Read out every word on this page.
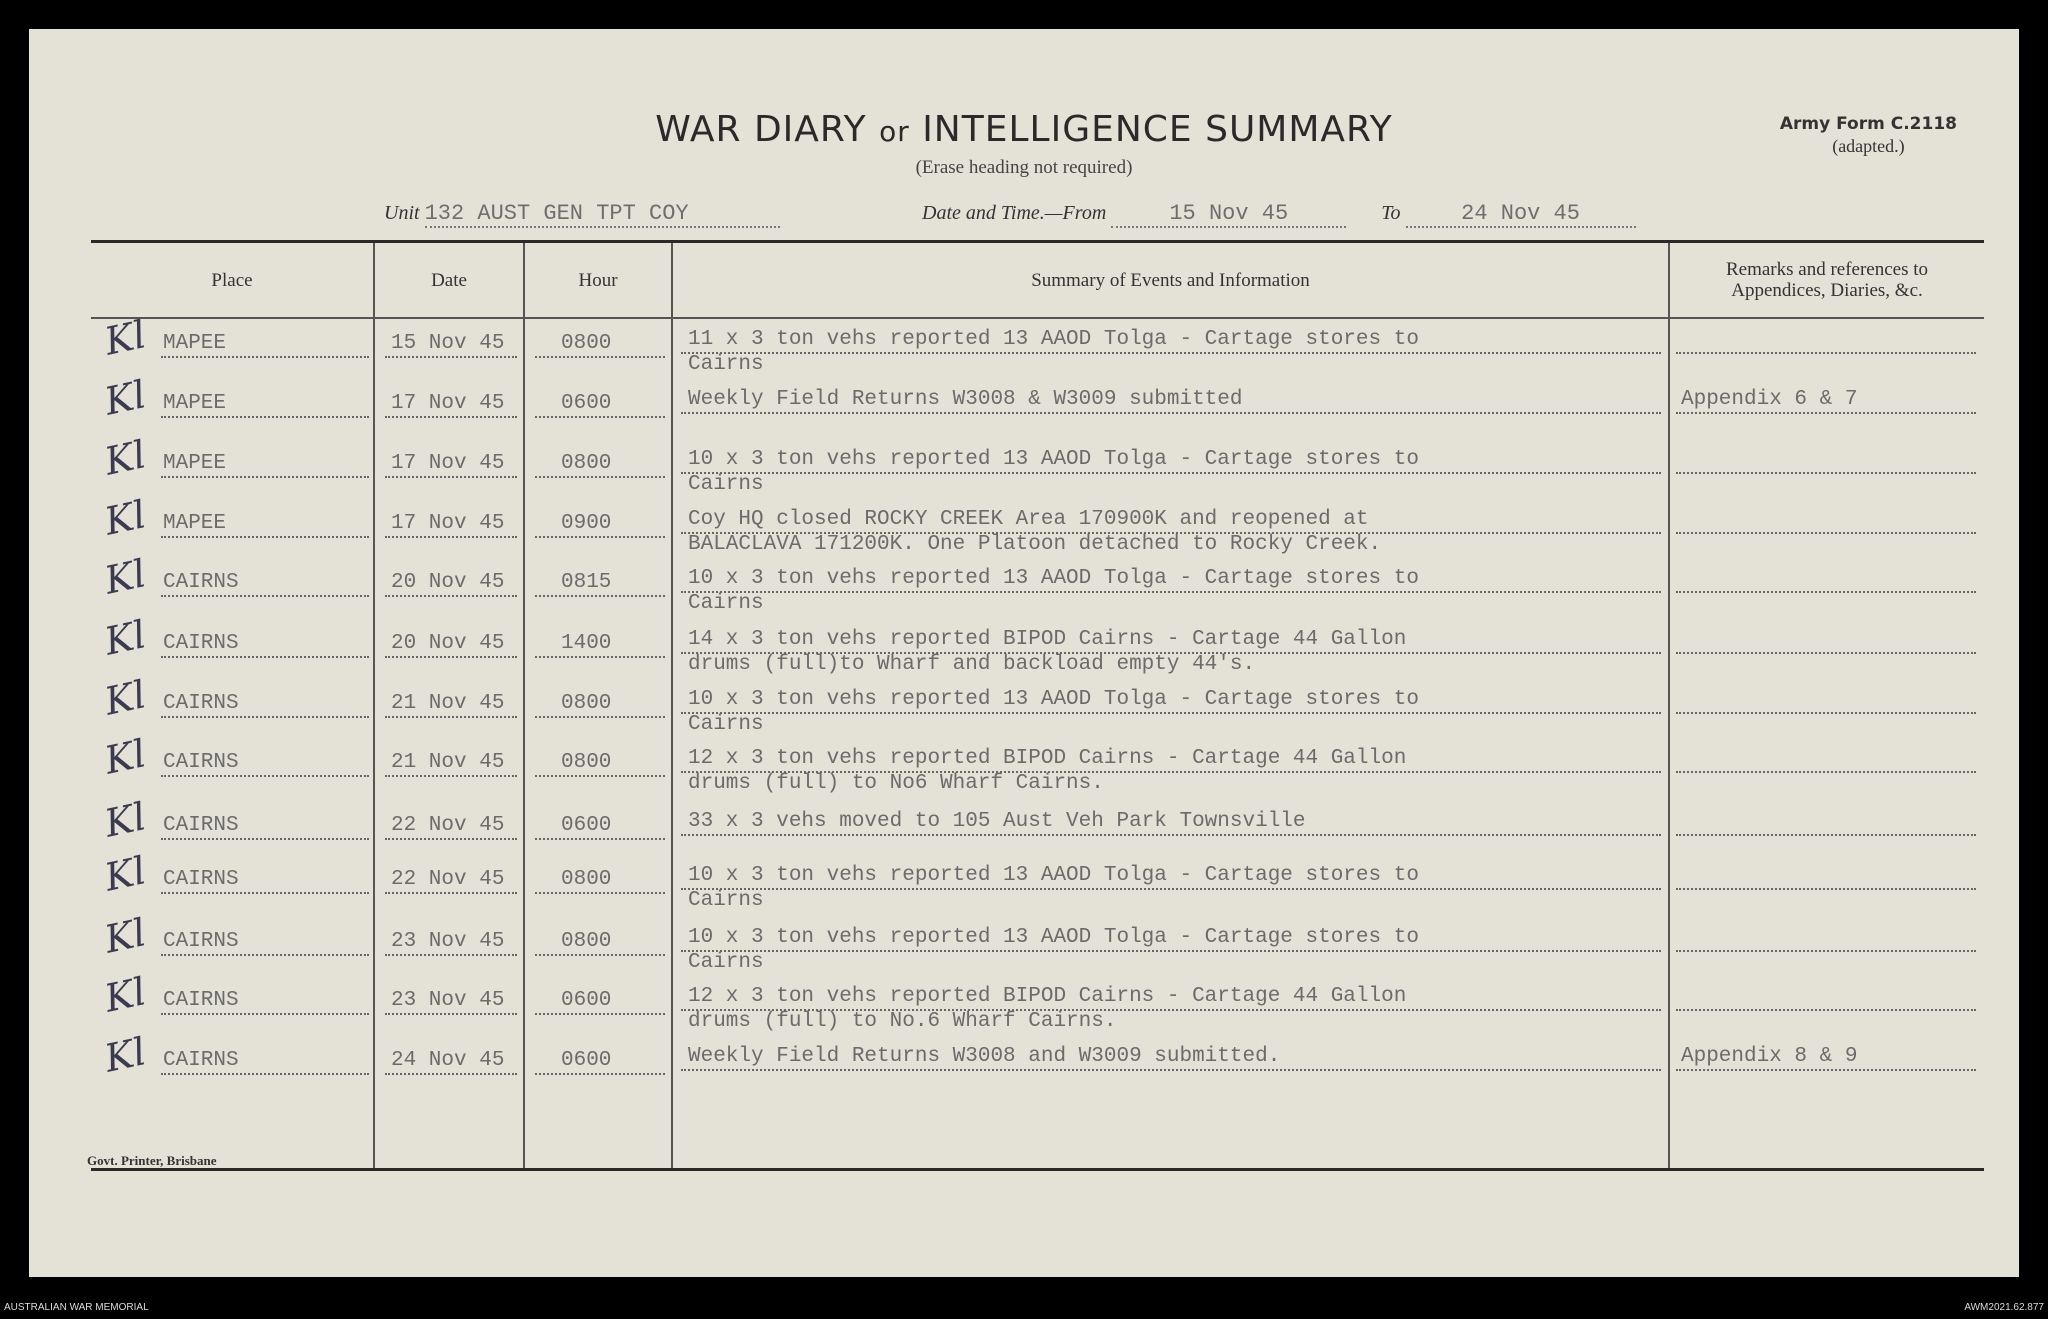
WAR DIARY or INTELLIGENCE SUMMARY
(Erase heading not required)
Army Form C.2118
(adapted.)
Unit 132 AUST GEN TPT COY	Date and Time.—From	15 Nov 45	To	24 Nov 45
Place	Date	Hour	Summary of Events and Information	Remarks and references to
Appendices, Diaries, &c.
Kl MAPEE	15 Nov 45	0800	11 x 3 ton vehs reported 13 AAOD Tolga - Cartage stores to
Cairns
Kl MAPEE	17 Nov 45	0600	Weekly Field Returns W3008 & W3009 submitted	Appendix 6 & 7
Kl MAPEE	17 Nov 45	0800	10 x 3 ton vehs reported 13 AAOD Tolga - Cartage stores to
Cairns
Kl MAPEE	17 Nov 45	0900	Coy HQ closed ROCKY CREEK Area 170900K and reopened at
BALACLAVA 171200K. One Platoon detached to Rocky Creek.
Kl CAIRNS	20 Nov 45	0815	10 x 3 ton vehs reported 13 AAOD Tolga - Cartage stores to
Cairns
Kl CAIRNS	20 Nov 45	1400	14 x 3 ton vehs reported BIPOD Cairns - Cartage 44 Gallon
drums (full)to Wharf and backload empty 44's.
Kl CAIRNS	21 Nov 45	0800	10 x 3 ton vehs reported 13 AAOD Tolga - Cartage stores to
Cairns
Kl CAIRNS	21 Nov 45	0800	12 x 3 ton vehs reported BIPOD Cairns - Cartage 44 Gallon
drums (full) to No6 Wharf Cairns.
Kl CAIRNS	22 Nov 45	0600	33 x 3 vehs moved to 105 Aust Veh Park Townsville
Kl CAIRNS	22 Nov 45	0800	10 x 3 ton vehs reported 13 AAOD Tolga - Cartage stores to
Cairns
Kl CAIRNS	23 Nov 45	0800	10 x 3 ton vehs reported 13 AAOD Tolga - Cartage stores to
Cairns
Kl CAIRNS	23 Nov 45	0600	12 x 3 ton vehs reported BIPOD Cairns - Cartage 44 Gallon
drums (full) to No.6 Wharf Cairns.
Kl CAIRNS	24 Nov 45	0600	Weekly Field Returns W3008 and W3009 submitted.	Appendix 8 & 9
Govt. Printer, Brisbane
AUSTRALIAN WAR MEMORIAL	AWM2021.62.877
